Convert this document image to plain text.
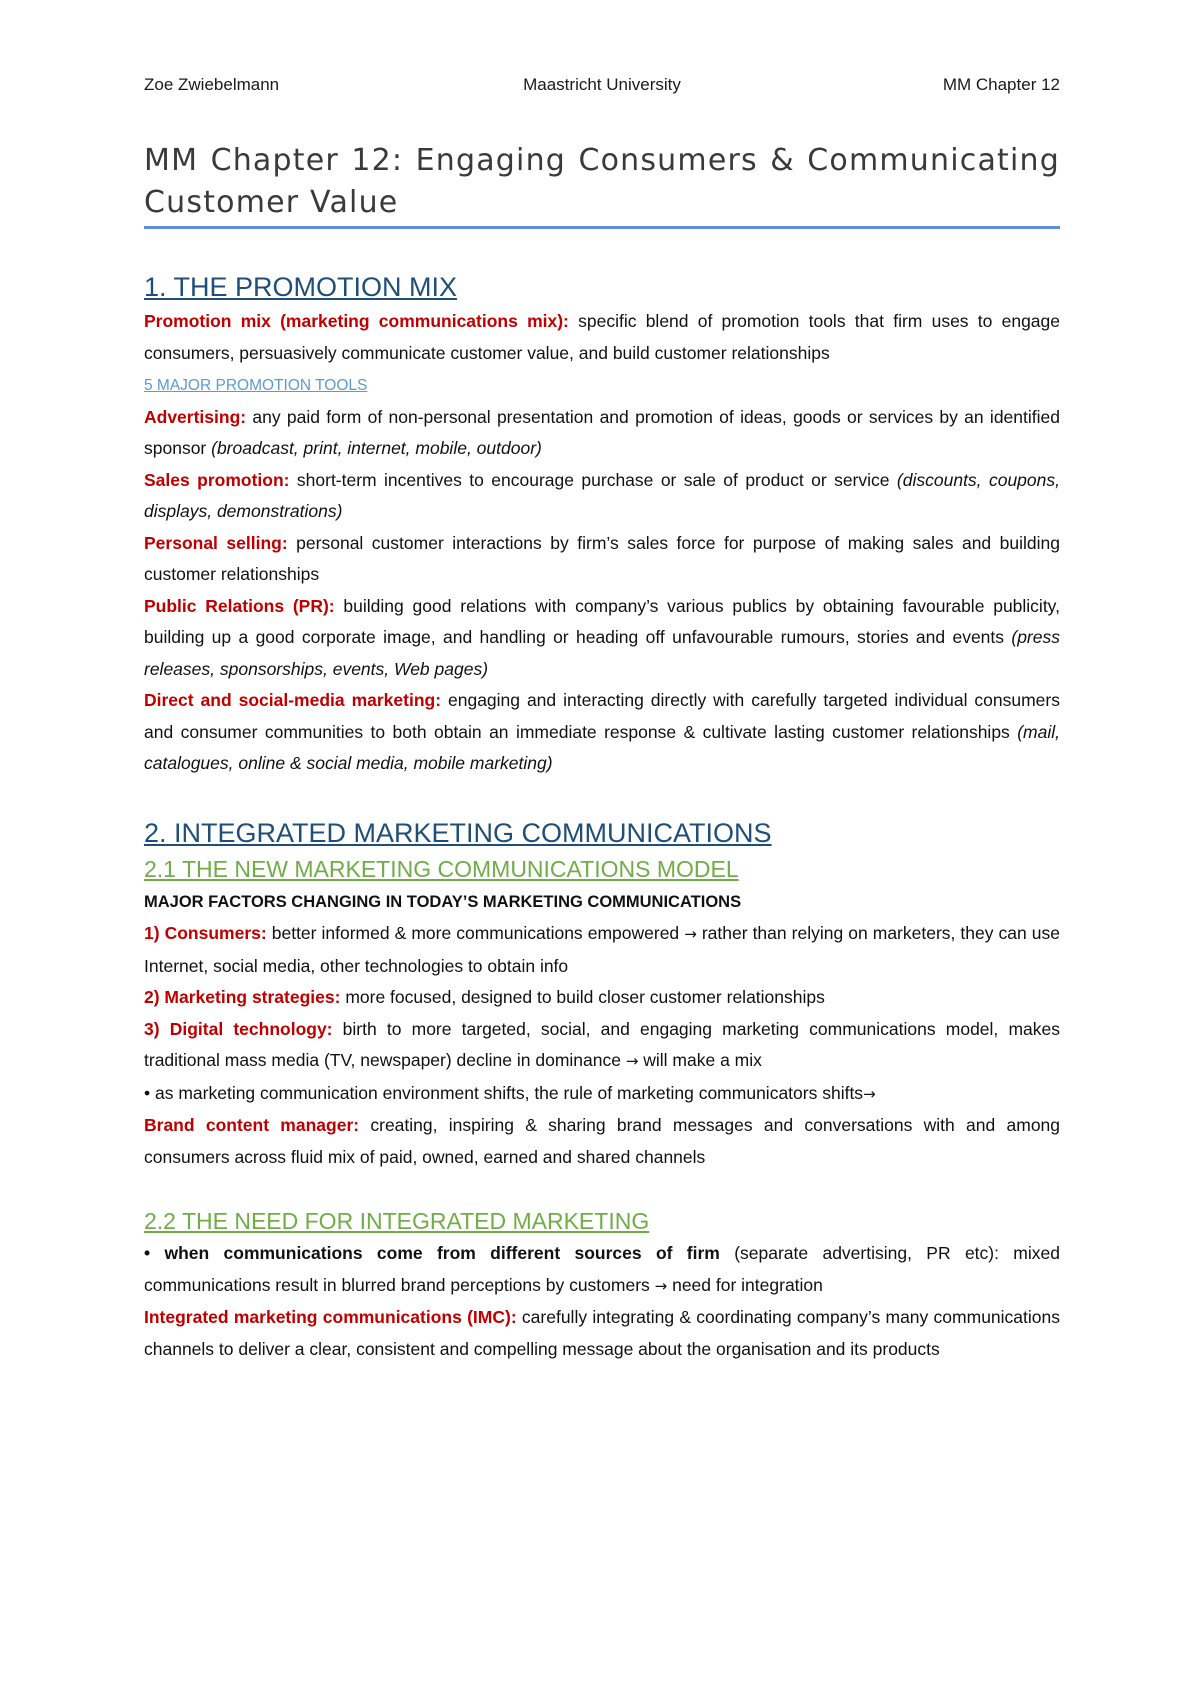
Zoe Zwiebelmann	Maastricht University	MM Chapter 12
MM Chapter 12: Engaging Consumers & Communicating Customer Value
1. THE PROMOTION MIX

Promotion mix (marketing communications mix): specific blend of promotion tools that firm uses to engage consumers, persuasively communicate customer value, and build customer relationships

5 MAJOR PROMOTION TOOLS

Advertising: any paid form of non-personal presentation and promotion of ideas, goods or services by an identified sponsor (broadcast, print, internet, mobile, outdoor)

Sales promotion: short-term incentives to encourage purchase or sale of product or service (discounts, coupons, displays, demonstrations)

Personal selling: personal customer interactions by firm’s sales force for purpose of making sales and building customer relationships

Public Relations (PR): building good relations with company’s various publics by obtaining favourable publicity, building up a good corporate image, and handling or heading off unfavourable rumours, stories and events (press releases, sponsorships, events, Web pages)

Direct and social-media marketing: engaging and interacting directly with carefully targeted individual consumers and consumer communities to both obtain an immediate response & cultivate lasting customer relationships (mail, catalogues, online & social media, mobile marketing)

2. INTEGRATED MARKETING COMMUNICATIONS
2.1 THE NEW MARKETING COMMUNICATIONS MODEL

MAJOR FACTORS CHANGING IN TODAY’S MARKETING COMMUNICATIONS

1) Consumers: better informed & more communications empowered → rather than relying on marketers, they can use Internet, social media, other technologies to obtain info

2) Marketing strategies: more focused, designed to build closer customer relationships

3) Digital technology: birth to more targeted, social, and engaging marketing communications model, makes traditional mass media (TV, newspaper) decline in dominance → will make a mix

• as marketing communication environment shifts, the rule of marketing communicators shifts→

Brand content manager: creating, inspiring & sharing brand messages and conversations with and among consumers across fluid mix of paid, owned, earned and shared channels

2.2 THE NEED FOR INTEGRATED MARKETING

• when communications come from different sources of firm (separate advertising, PR etc): mixed communications result in blurred brand perceptions by customers → need for integration

Integrated marketing communications (IMC): carefully integrating & coordinating company’s many communications channels to deliver a clear, consistent and compelling message about the organisation and its products
